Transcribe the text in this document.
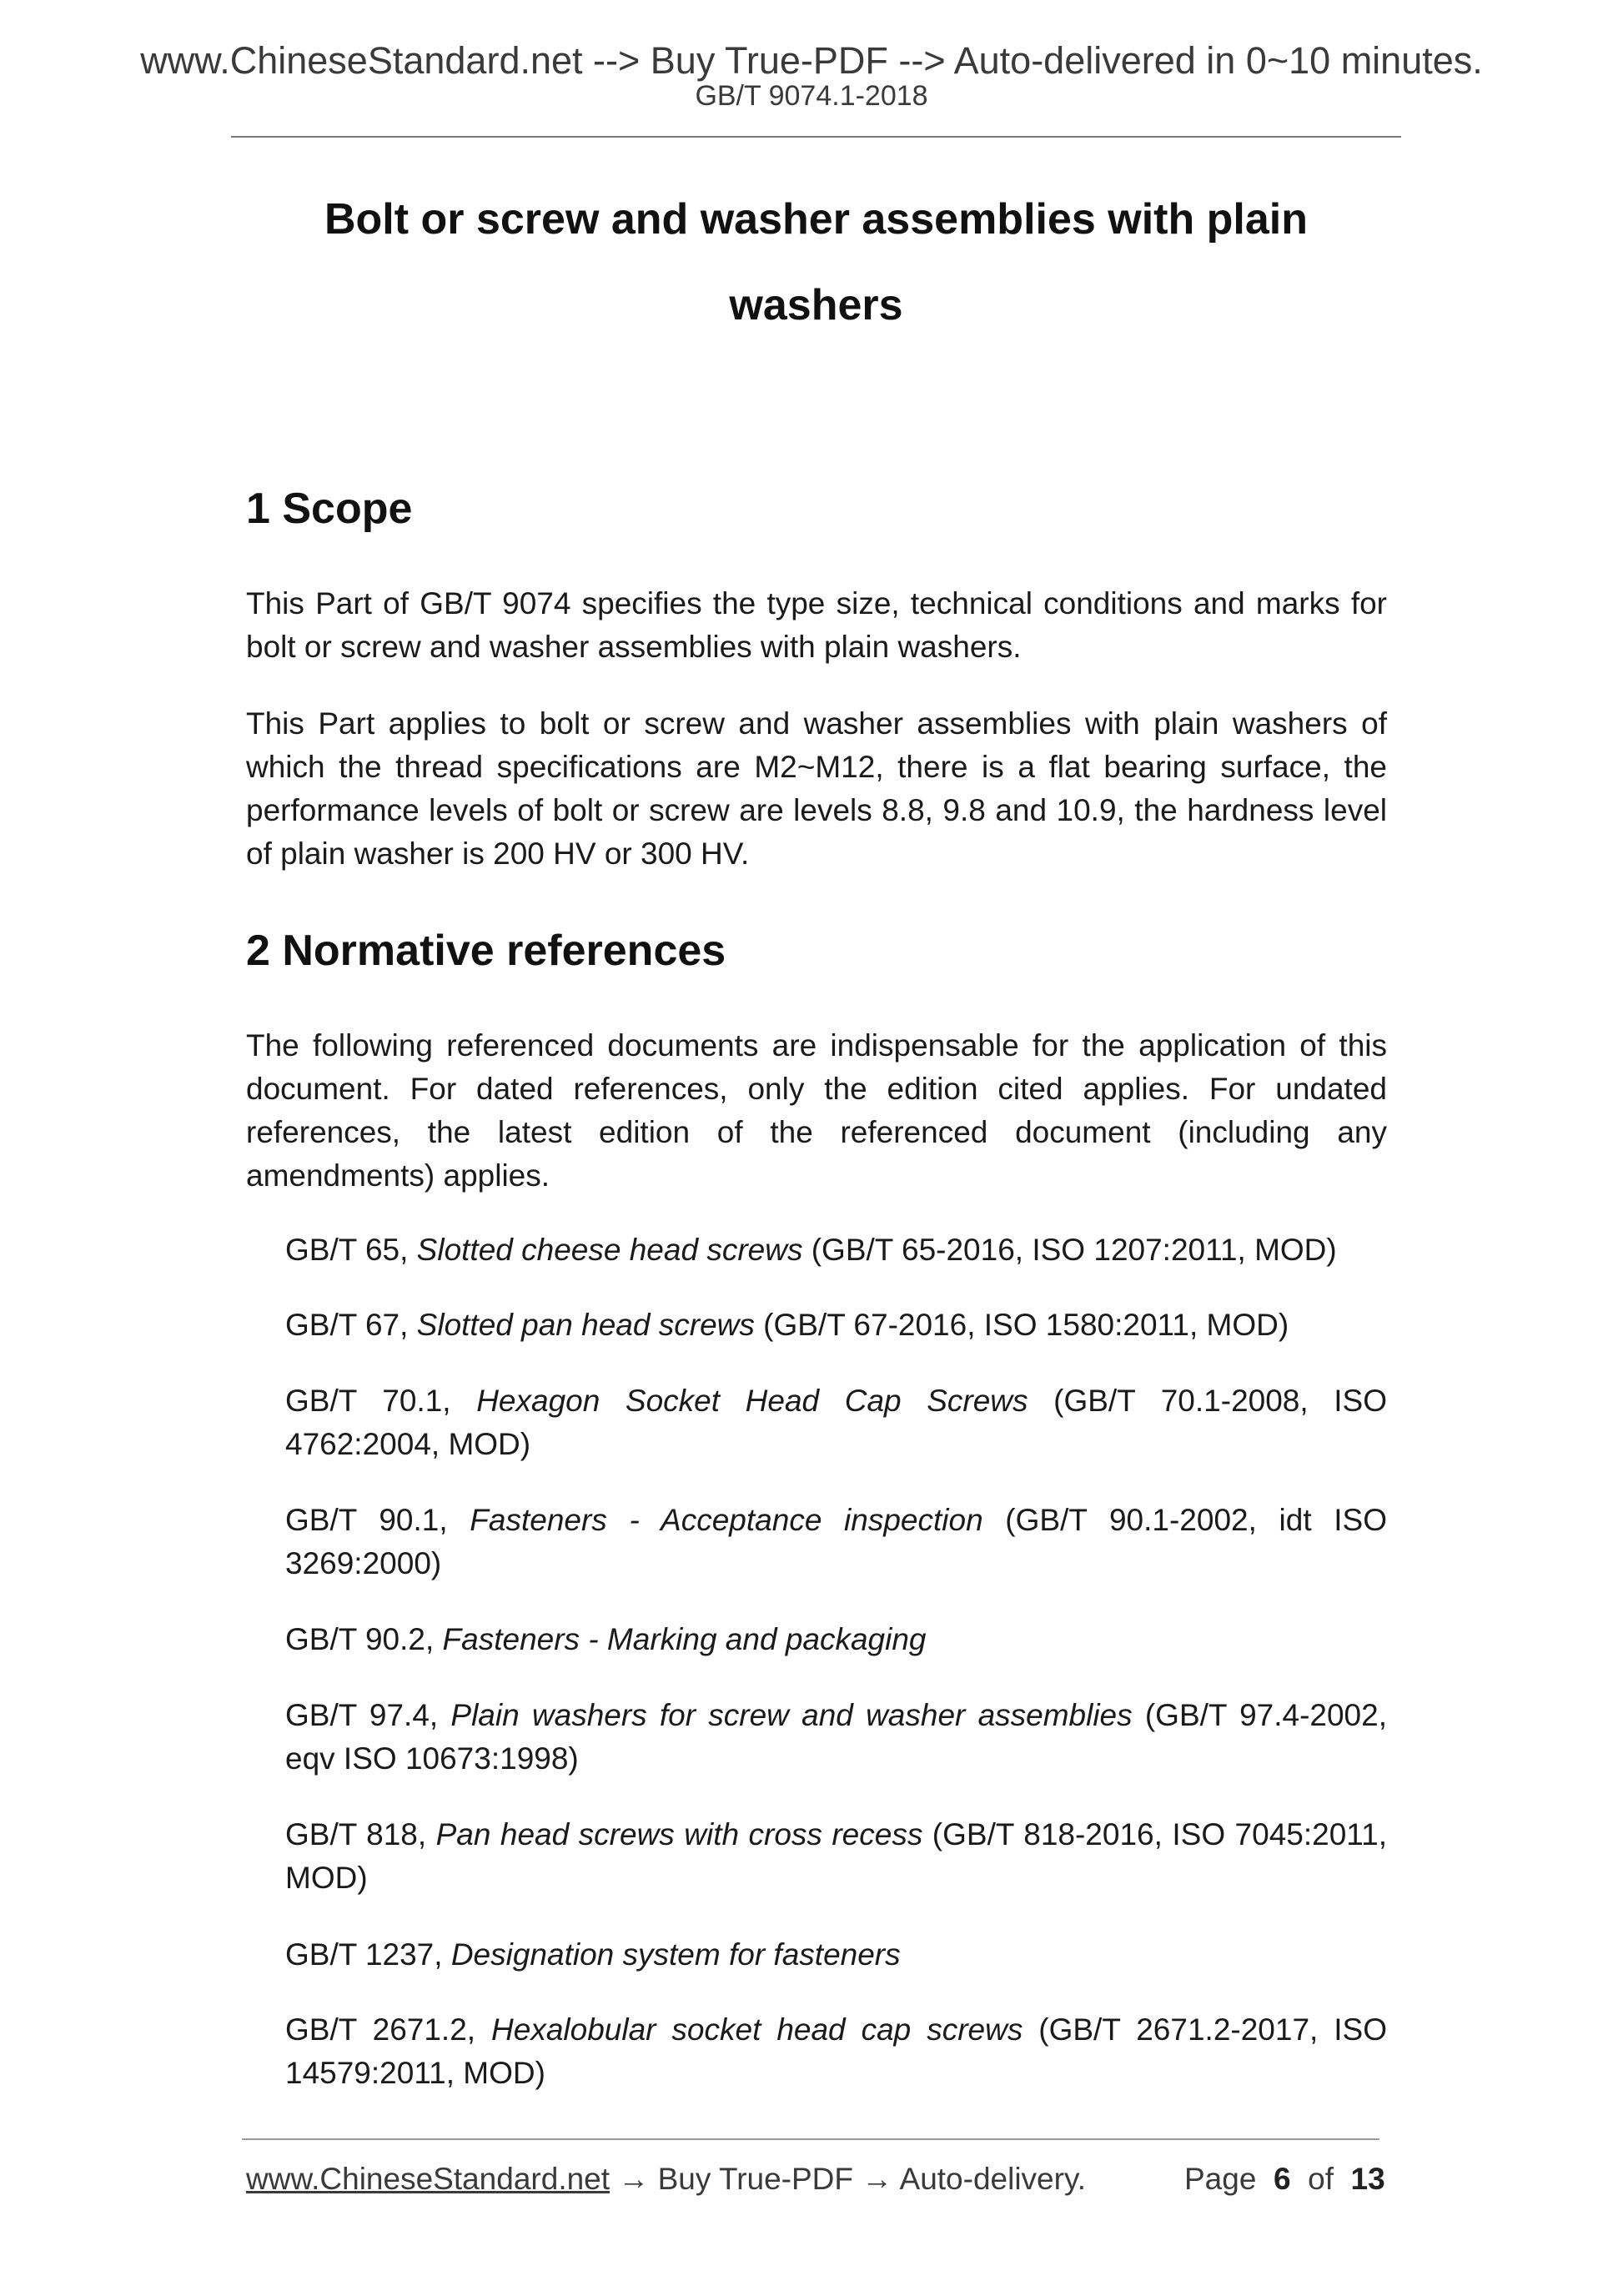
www.ChineseStandard.net --> Buy True-PDF --> Auto-delivered in 0~10 minutes.
GB/T 9074.1-2018
Bolt or screw and washer assemblies with plain
washers
1 Scope

This Part of GB/T 9074 specifies the type size, technical conditions and marks for bolt or screw and washer assemblies with plain washers.

This Part applies to bolt or screw and washer assemblies with plain washers of which the thread specifications are M2~M12, there is a flat bearing surface, the performance levels of bolt or screw are levels 8.8, 9.8 and 10.9, the hardness level of plain washer is 200 HV or 300 HV.

2 Normative references

The following referenced documents are indispensable for the application of this document. For dated references, only the edition cited applies. For undated references, the latest edition of the referenced document (including any amendments) applies.

GB/T 65, Slotted cheese head screws (GB/T 65-2016, ISO 1207:2011, MOD)

GB/T 67, Slotted pan head screws (GB/T 67-2016, ISO 1580:2011, MOD)

GB/T 70.1, Hexagon Socket Head Cap Screws (GB/T 70.1-2008, ISO 4762:2004, MOD)

GB/T 90.1, Fasteners - Acceptance inspection (GB/T 90.1-2002, idt ISO 3269:2000)

GB/T 90.2, Fasteners - Marking and packaging

GB/T 97.4, Plain washers for screw and washer assemblies (GB/T 97.4-2002, eqv ISO 10673:1998)

GB/T 818, Pan head screws with cross recess (GB/T 818-2016, ISO 7045:2011, MOD)

GB/T 1237, Designation system for fasteners

GB/T 2671.2, Hexalobular socket head cap screws (GB/T 2671.2-2017, ISO 14579:2011, MOD)

www.ChineseStandard.net → Buy True-PDF → Auto-delivery.	Page 6 of 13
